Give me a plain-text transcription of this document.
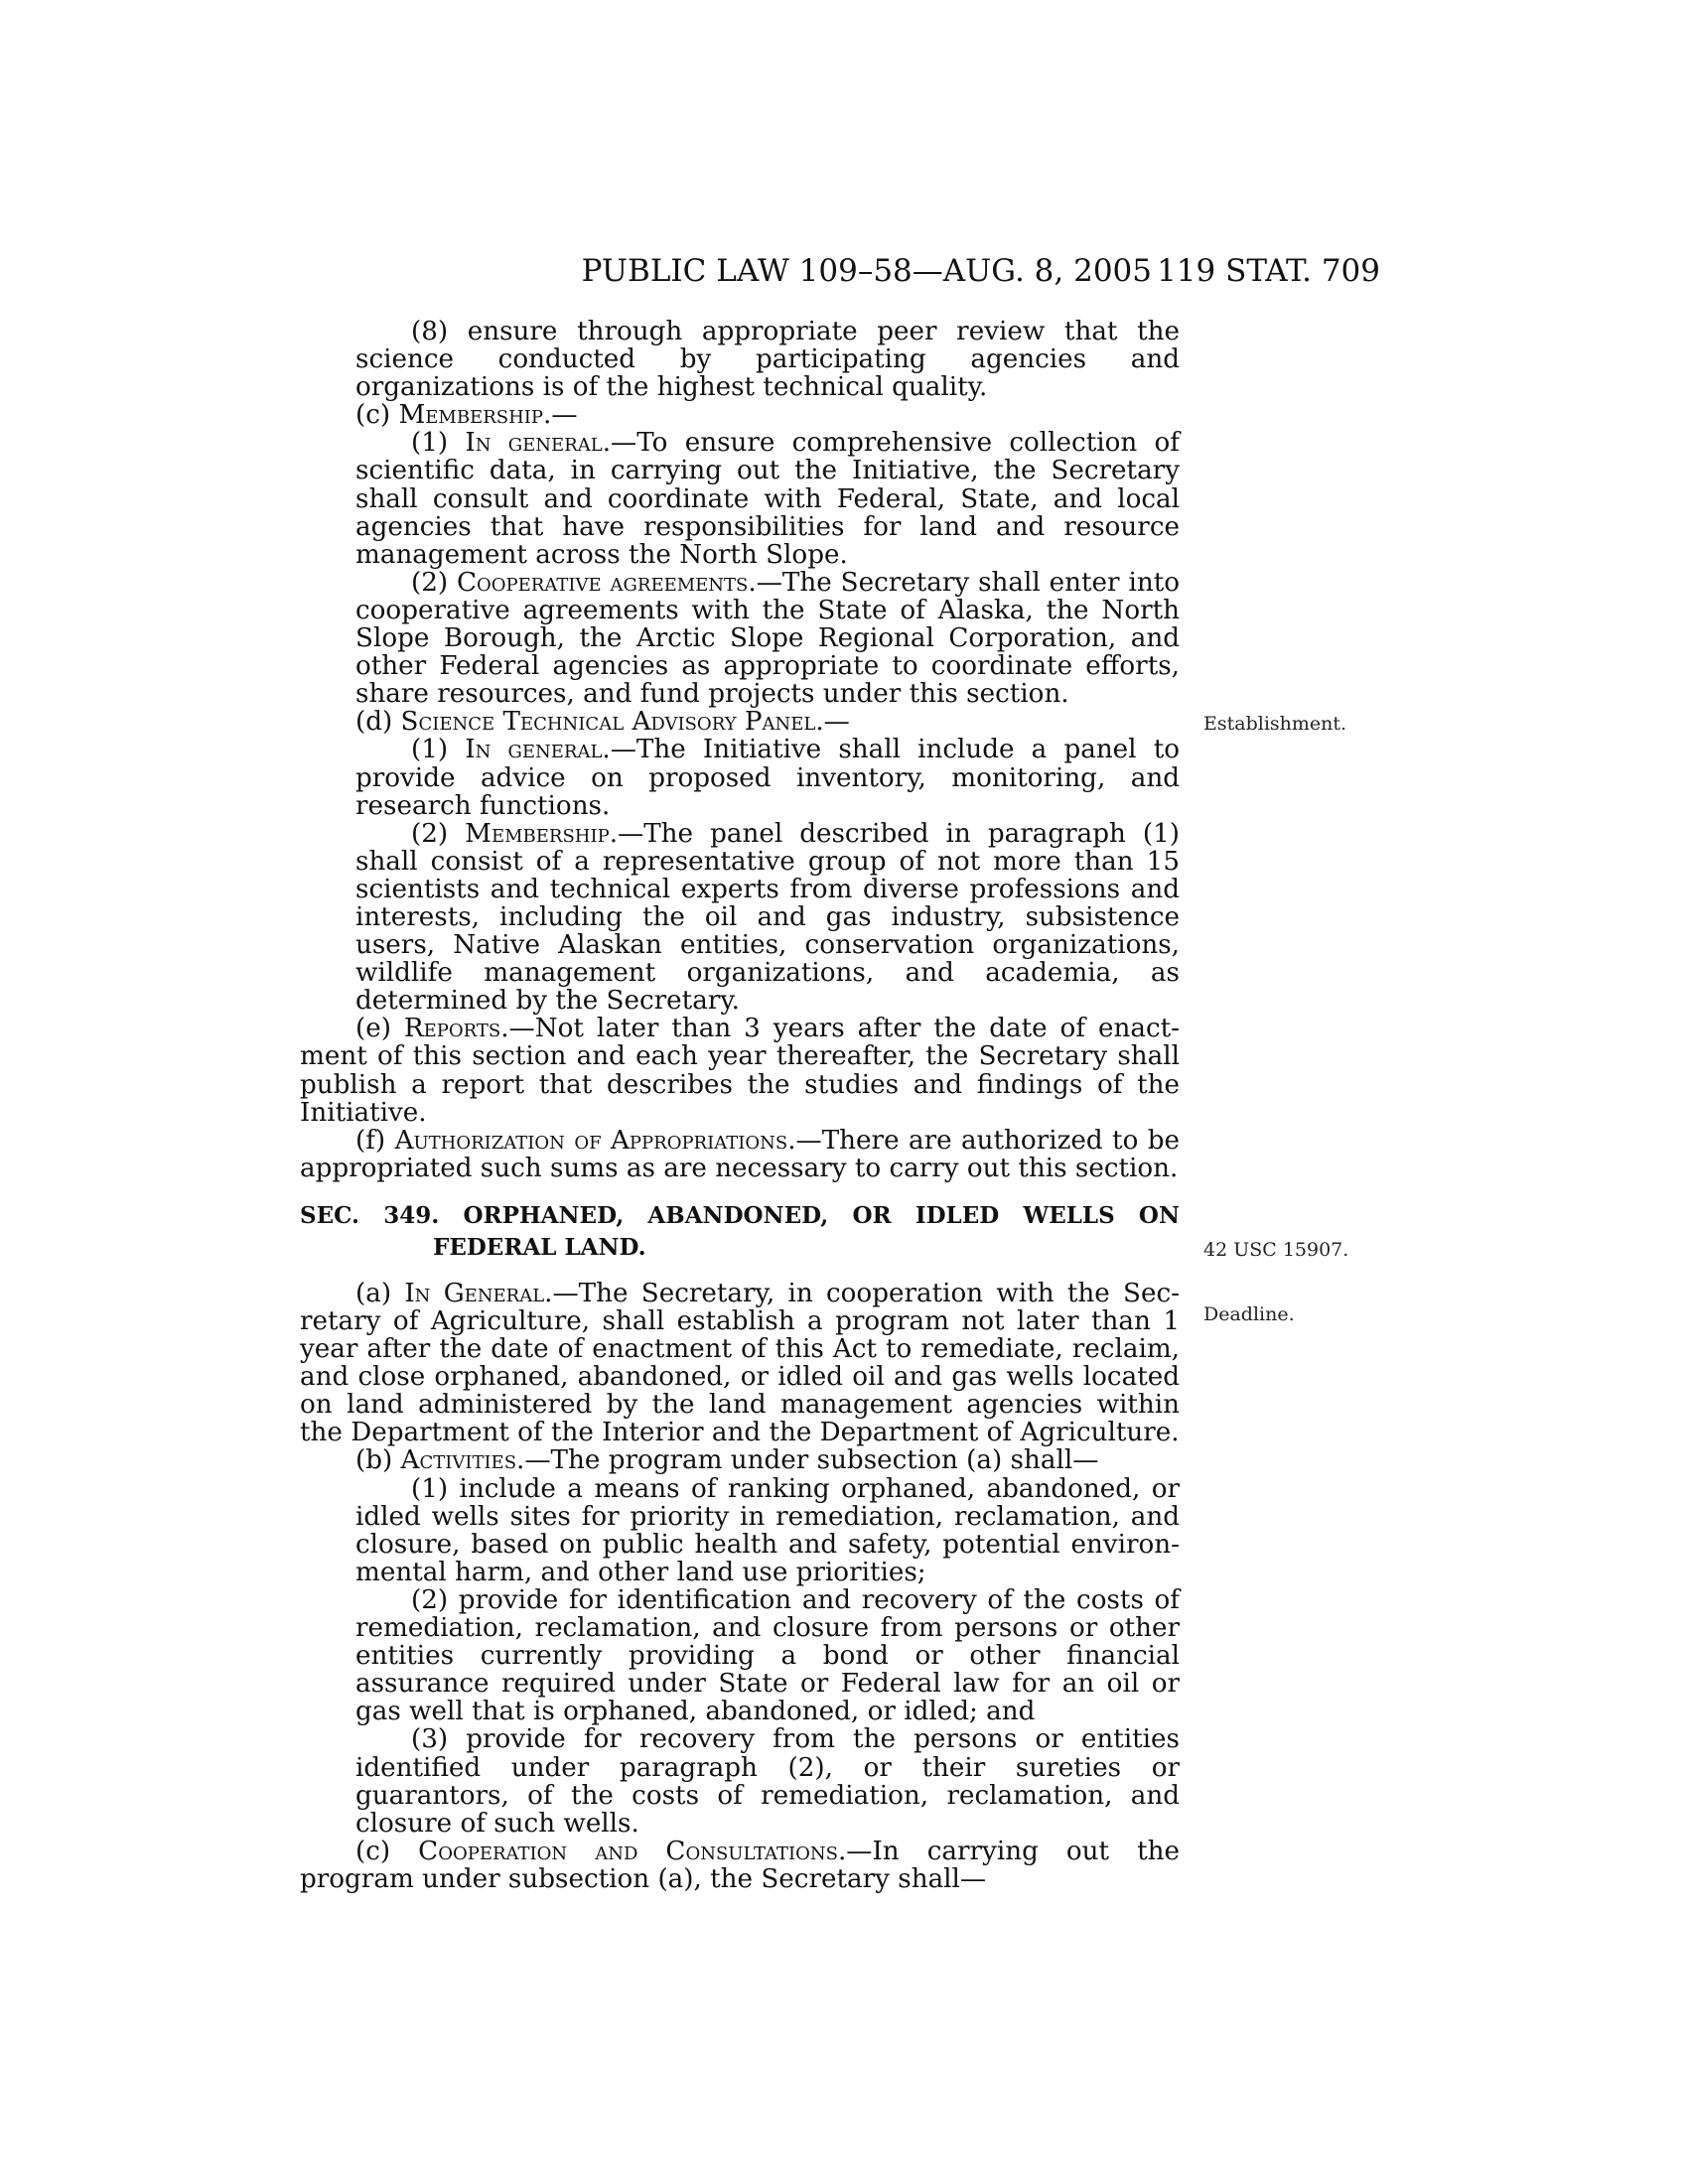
PUBLIC LAW 109–58—AUG. 8, 2005 119 STAT. 709

(8) ensure through appropriate peer review that the science conducted by participating agencies and organizations is of the highest technical quality.

(c) Membership.—

(1) In general.—To ensure comprehensive collection of scientific data, in carrying out the Initiative, the Secretary shall consult and coordinate with Federal, State, and local agencies that have responsibilities for land and resource management across the North Slope.

(2) Cooperative agreements.—The Secretary shall enter into cooperative agreements with the State of Alaska, the North Slope Borough, the Arctic Slope Regional Corporation, and other Federal agencies as appropriate to coordinate efforts, share resources, and fund projects under this section.

(d) Science Technical Advisory Panel.—

(1) In general.—The Initiative shall include a panel to provide advice on proposed inventory, monitoring, and research functions.

(2) Membership.—The panel described in paragraph (1) shall consist of a representative group of not more than 15 scientists and technical experts from diverse professions and interests, including the oil and gas industry, subsistence users, Native Alaskan entities, conservation organizations, wildlife management organizations, and academia, as determined by the Secretary.

(e) Reports.—Not later than 3 years after the date of enactment of this section and each year thereafter, the Secretary shall publish a report that describes the studies and findings of the Initiative.

(f) Authorization of Appropriations.—There are authorized to be appropriated such sums as are necessary to carry out this section.

SEC. 349. ORPHANED, ABANDONED, OR IDLED WELLS ON FEDERAL LAND.

(a) In General.—The Secretary, in cooperation with the Secretary of Agriculture, shall establish a program not later than 1 year after the date of enactment of this Act to remediate, reclaim, and close orphaned, abandoned, or idled oil and gas wells located on land administered by the land management agencies within the Department of the Interior and the Department of Agriculture.

(b) Activities.—The program under subsection (a) shall—

(1) include a means of ranking orphaned, abandoned, or idled wells sites for priority in remediation, reclamation, and closure, based on public health and safety, potential environmental harm, and other land use priorities;

(2) provide for identification and recovery of the costs of remediation, reclamation, and closure from persons or other entities currently providing a bond or other financial assurance required under State or Federal law for an oil or gas well that is orphaned, abandoned, or idled; and

(3) provide for recovery from the persons or entities identified under paragraph (2), or their sureties or guarantors, of the costs of remediation, reclamation, and closure of such wells.

(c) Cooperation and Consultations.—In carrying out the program under subsection (a), the Secretary shall—

Establishment.
42 USC 15907.
Deadline.
